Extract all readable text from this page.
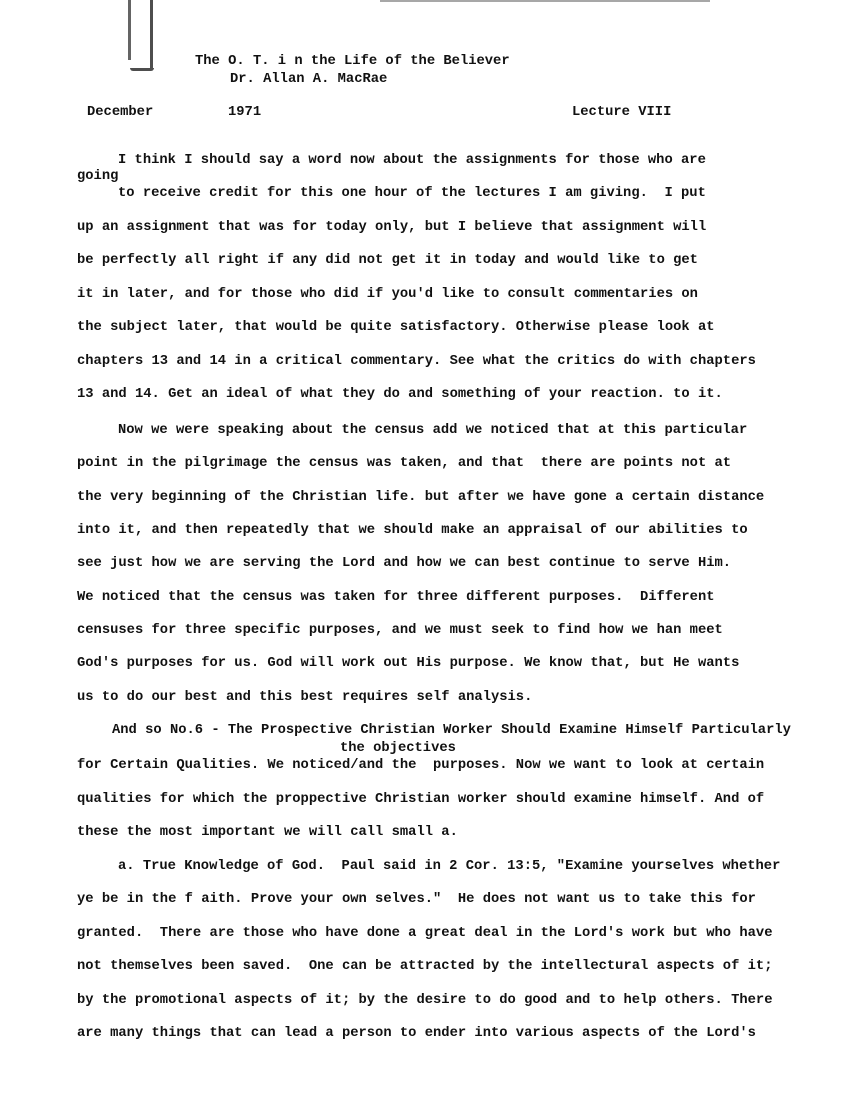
The O. T. i n the Life of the Believer
Dr. Allan A. MacRae
December	1971	Lecture VIII
I think I should say a word now about the assignments for those who are
going
to receive credit for this one hour of the lectures I am giving.  I put
up an assignment that was for today only, but I believe that assignment will
be perfectly all right if any did not get it in today and would like to get
it in later, and for those who did if you'd like to consult commentaries on
the subject later, that would be quite satisfactory. Otherwise please look at
chapters 13 and 14 in a critical commentary. See what the critics do with chapters
13 and 14. Get an ideal of what they do and something of your reaction. to it.
Now we were speaking about the census add we noticed that at this particular
point in the pilgrimage the census was taken, and that  there are points not at
the very beginning of the Christian life. but after we have gone a certain distance
into it, and then repeatedly that we should make an appraisal of our abilities to
see just how we are serving the Lord and how we can best continue to serve Him.
We noticed that the census was taken for three different purposes.  Different
censuses for three specific purposes, and we must seek to find how we han meet
God's purposes for us. God will work out His purpose. We know that, but He wants
us to do our best and this best requires self analysis.
And so No.6 - The Prospective Christian Worker Should Examine Himself Particularly
the objectives
for Certain Qualities. We noticed/and the  purposes. Now we want to look at certain
qualities for which the proppective Christian worker should examine himself. And of
these the most important we will call small a.
a. True Knowledge of God.  Paul said in 2 Cor. 13:5, "Examine yourselves whether
ye be in the f aith. Prove your own selves."  He does not want us to take this for
granted.  There are those who have done a great deal in the Lord's work but who have
not themselves been saved.  One can be attracted by the intellectural aspects of it;
by the promotional aspects of it; by the desire to do good and to help others. There
are many things that can lead a person to ender into various aspects of the Lord's
